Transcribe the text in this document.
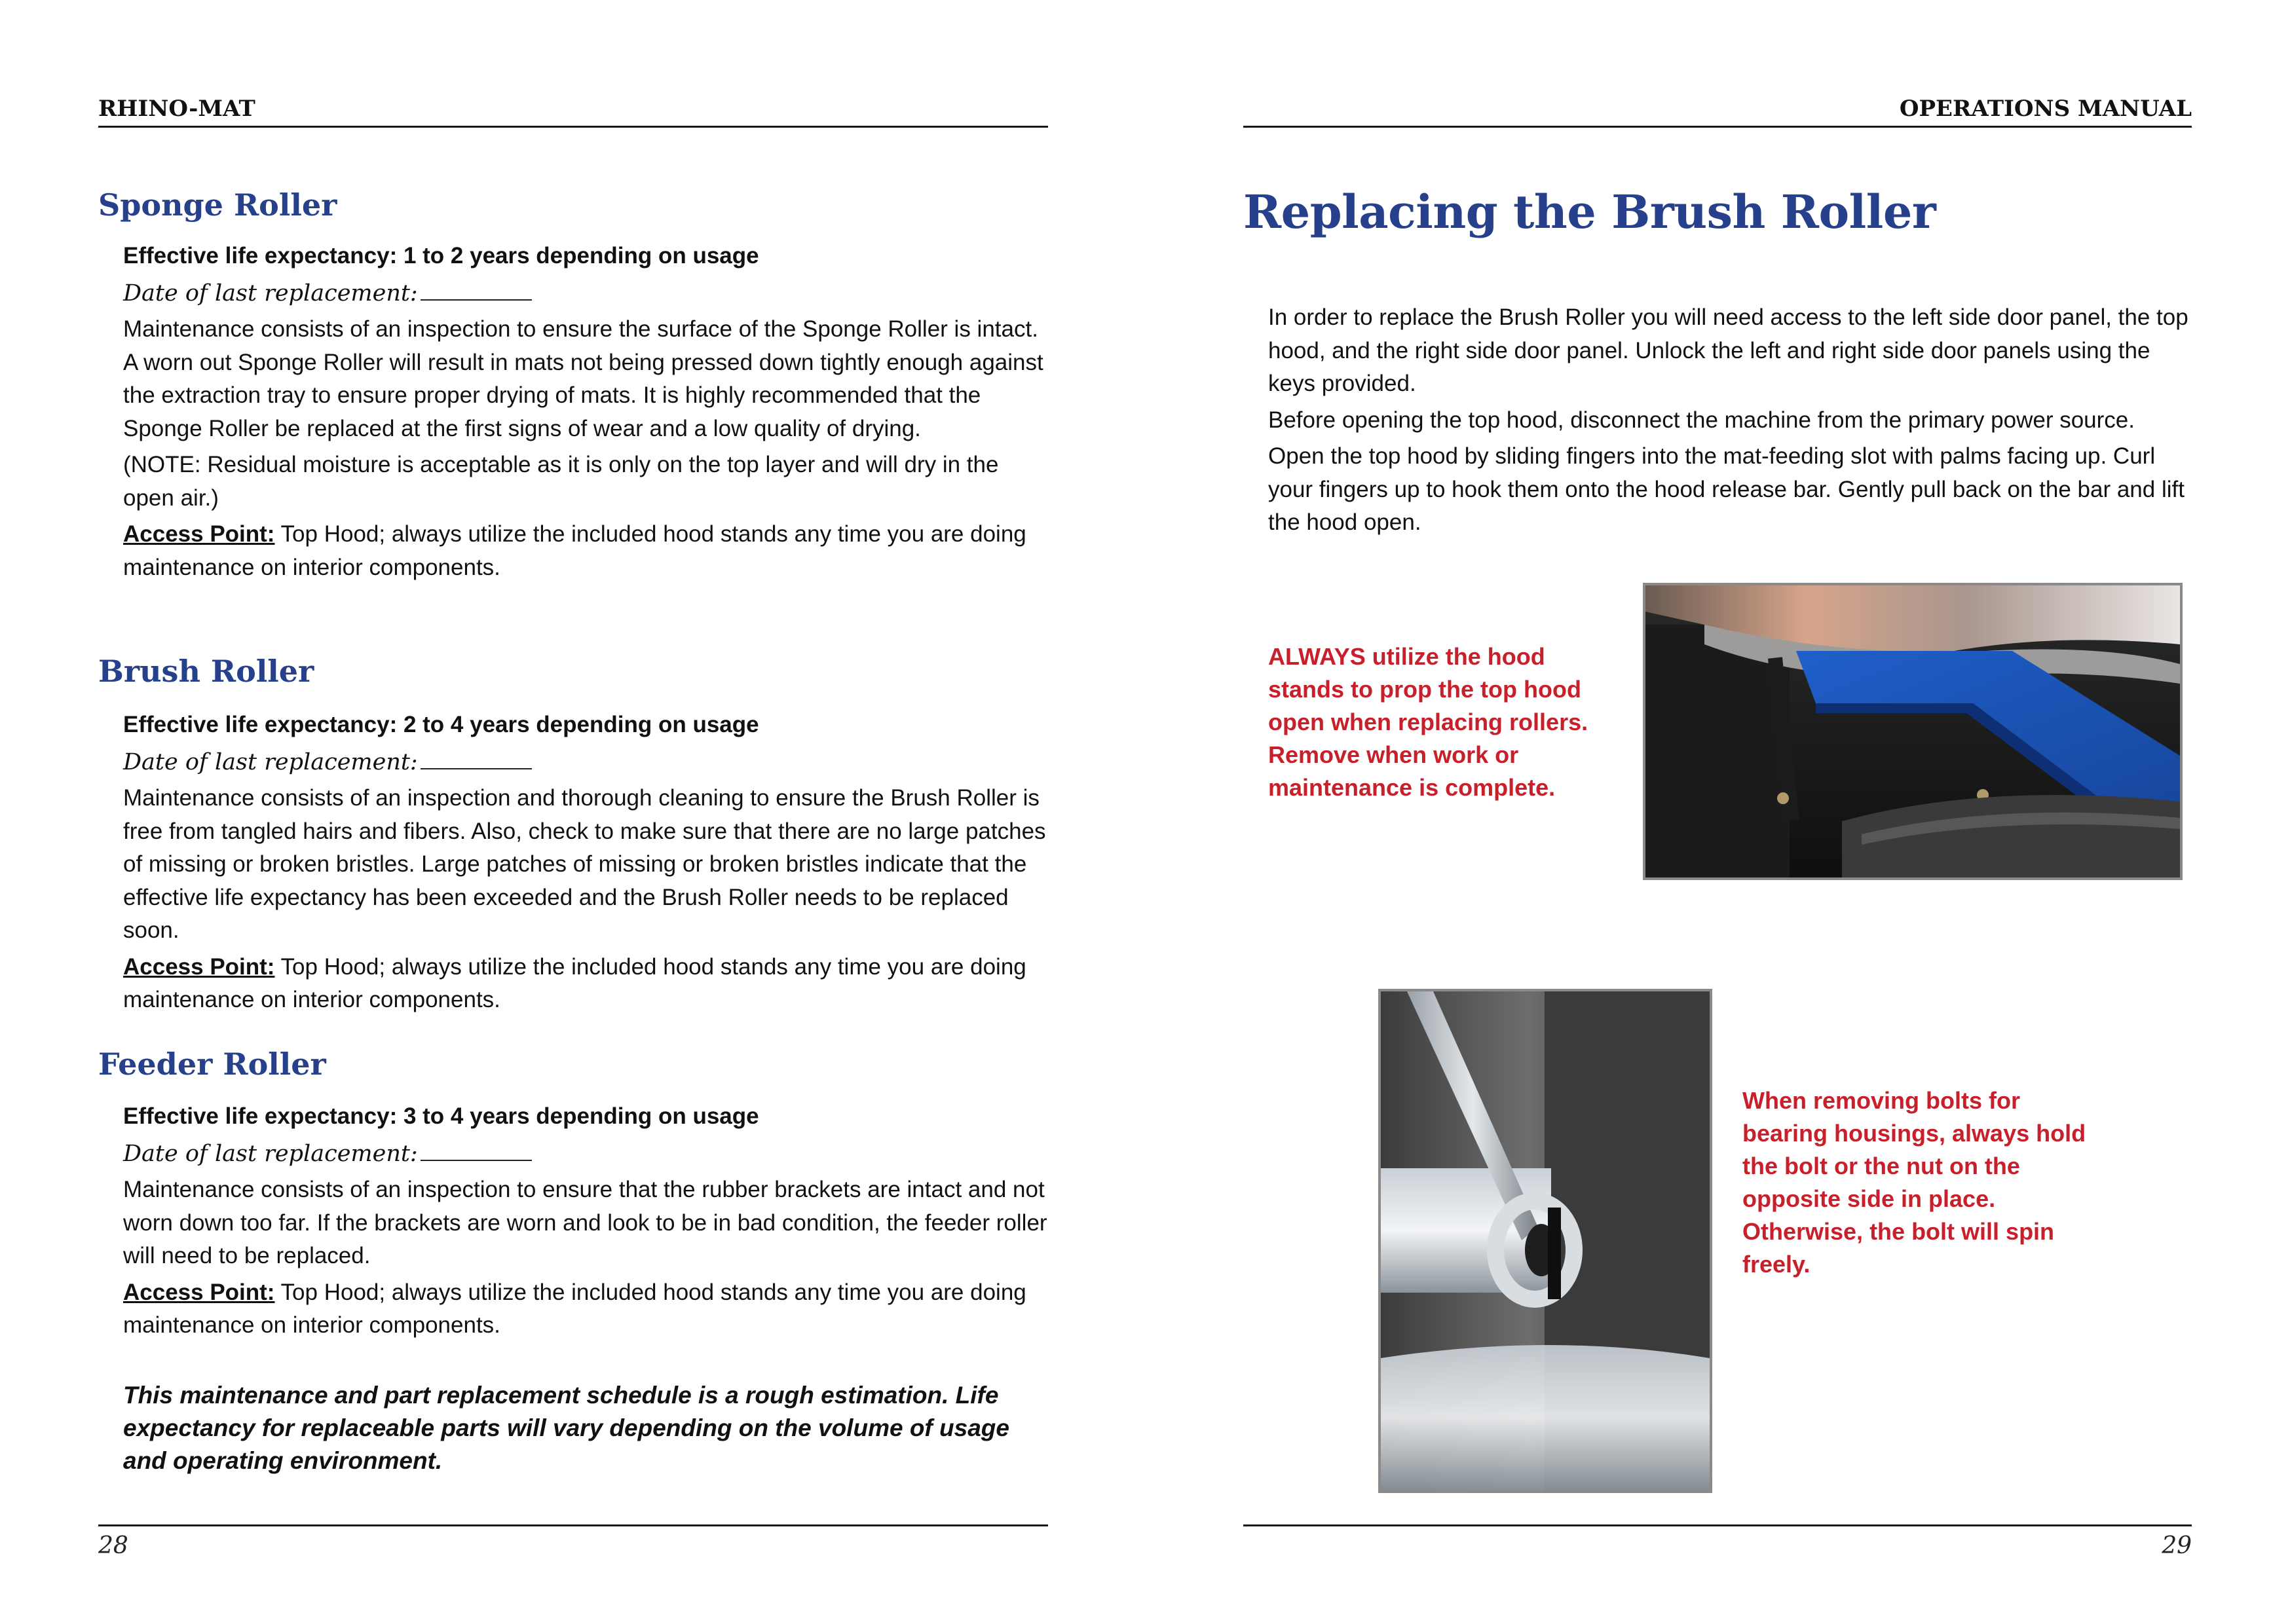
RHINO-MAT
Sponge Roller

Effective life expectancy: 1 to 2 years depending on usage

Date of last replacement:

Maintenance consists of an inspection to ensure the surface of the Sponge Roller is intact. A worn out Sponge Roller will result in mats not being pressed down tightly enough against the extraction tray to ensure proper drying of mats. It is highly recommended that the Sponge Roller be replaced at the first signs of wear and a low quality of drying.

(NOTE: Residual moisture is acceptable as it is only on the top layer and will dry in the open air.)

Access Point: Top Hood; always utilize the included hood stands any time you are doing maintenance on interior components.

Brush Roller

Effective life expectancy: 2 to 4 years depending on usage

Date of last replacement:

Maintenance consists of an inspection and thorough cleaning to ensure the Brush Roller is free from tangled hairs and fibers. Also, check to make sure that there are no large patches of missing or broken bristles. Large patches of missing or broken bristles indicate that the effective life expectancy has been exceeded and the Brush Roller needs to be replaced soon.

Access Point: Top Hood; always utilize the included hood stands any time you are doing maintenance on interior components.

Feeder Roller

Effective life expectancy: 3 to 4 years depending on usage

Date of last replacement:

Maintenance consists of an inspection to ensure that the rubber brackets are intact and not worn down too far. If the brackets are worn and look to be in bad condition, the feeder roller will need to be replaced.

Access Point: Top Hood; always utilize the included hood stands any time you are doing maintenance on interior components.

This maintenance and part replacement schedule is a rough estimation. Life expectancy for replaceable parts will vary depending on the volume of usage and operating environment.

28
OPERATIONS MANUAL
Replacing the Brush Roller

In order to replace the Brush Roller you will need access to the left side door panel, the top hood, and the right side door panel. Unlock the left and right side door panels using the keys provided.

Before opening the top hood, disconnect the machine from the primary power source.

Open the top hood by sliding fingers into the mat-feeding slot with palms facing up. Curl your fingers up to hook them onto the hood release bar. Gently pull back on the bar and lift the hood open.

ALWAYS utilize the hood stands to prop the top hood open when replacing rollers. Remove when work or maintenance is complete.

When removing bolts for bearing housings, always hold the bolt or the nut on the opposite side in place. Otherwise, the bolt will spin freely.

29
